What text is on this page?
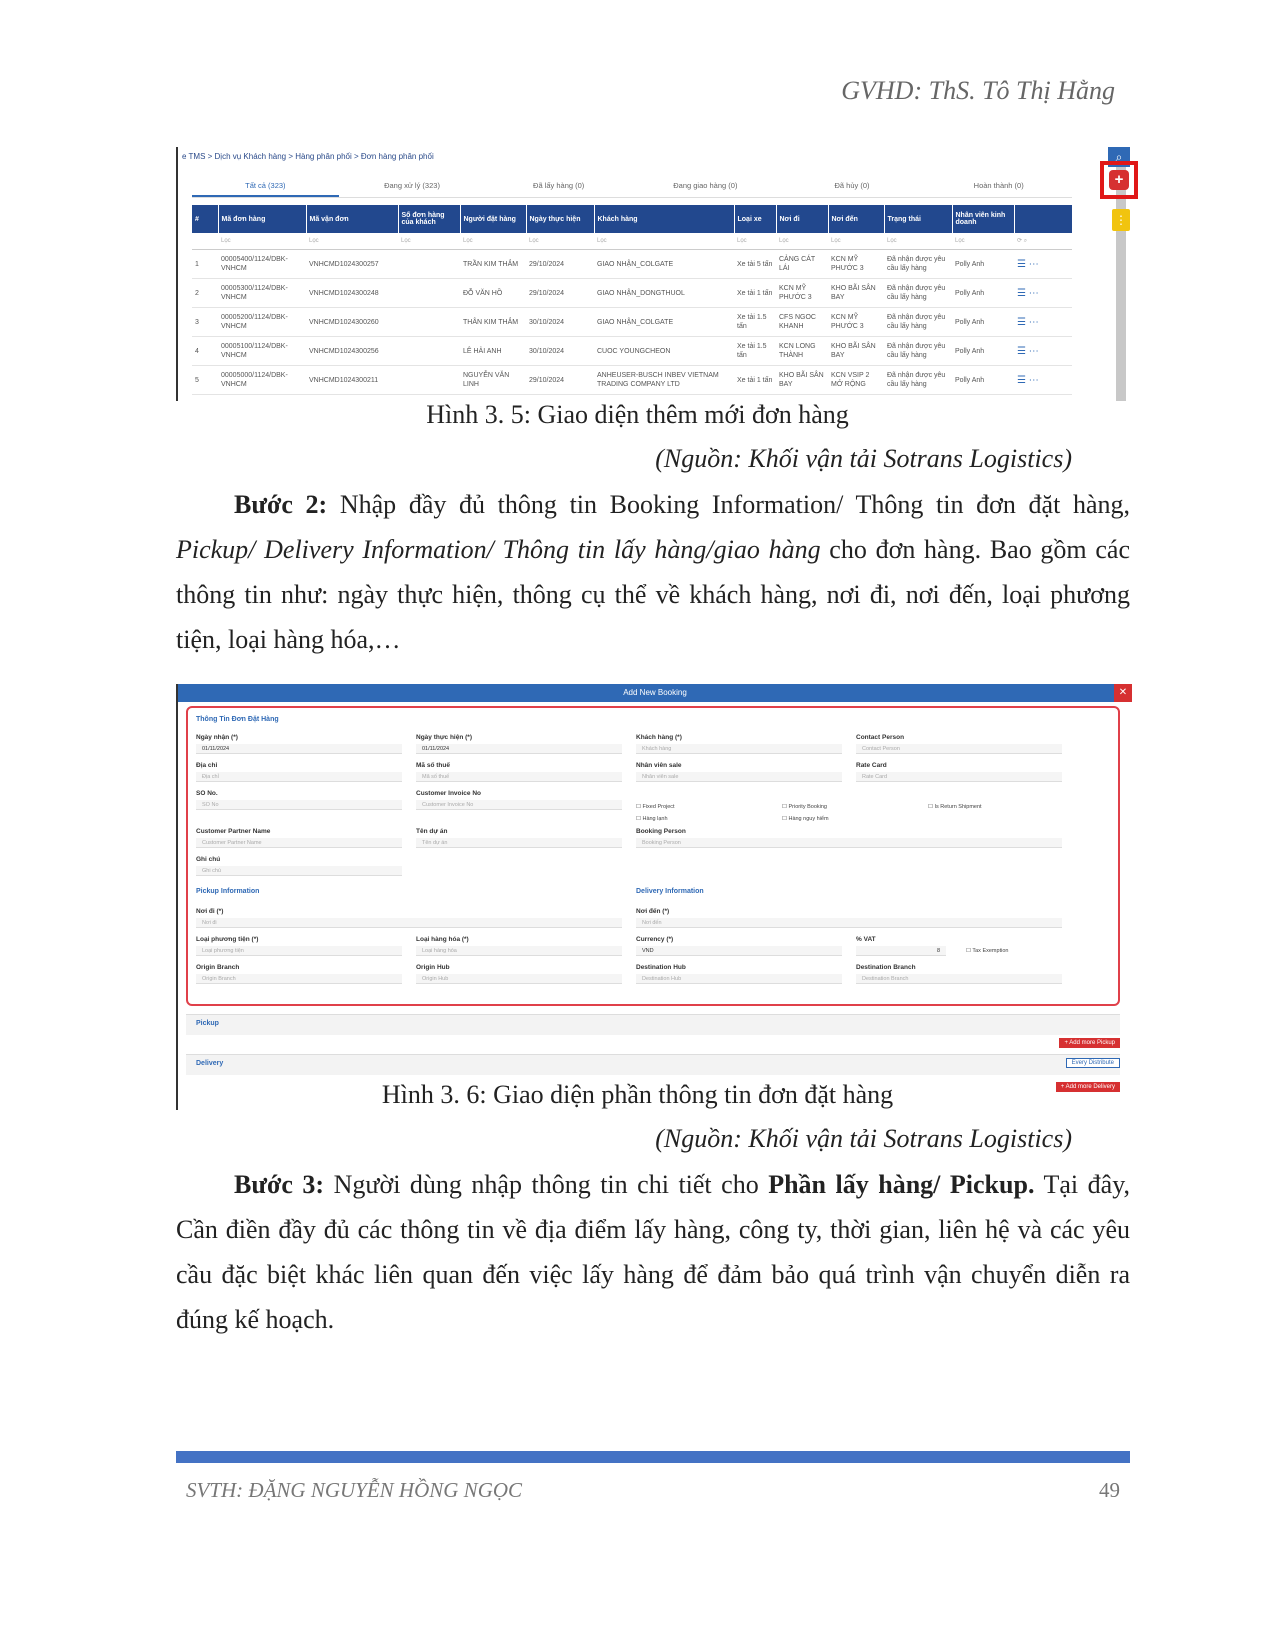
GVHD: ThS. Tô Thị Hằng
e TMS > Dịch vụ Khách hàng > Hàng phân phối > Đơn hàng phân phối	⌕
+
⋮
Tất cả (323)	Đang xử lý (323)	Đã lấy hàng (0)	Đang giao hàng (0)	Đã hủy (0)	Hoàn thành (0)
#	Mã đơn hàng	Mã vận đơn	Số đơn hàng của khách	Người đặt hàng	Ngày thực hiện	Khách hàng	Loại xe	Nơi đi	Nơi đến	Trạng thái	Nhân viên kinh doanh	
	Lọc	Lọc	Lọc	Lọc	Lọc	Lọc	Lọc	Lọc	Lọc	Lọc	Lọc	⟳ ⌕
1	00005400/1124/DBK-VNHCM	VNHCMD1024300257		TRẦN KIM THẮM	29/10/2024	GIAO NHẬN_COLGATE	Xe tải 5 tấn	CẢNG CÁT LÁI	KCN MỸ PHƯỚC 3	Đã nhận được yêu cầu lấy hàng	Polly Anh	☰ ⋯
2	00005300/1124/DBK-VNHCM	VNHCMD1024300248		ĐỖ VĂN HỒ	29/10/2024	GIAO NHẬN_DONGTHUOL	Xe tải 1 tấn	KCN MỸ PHƯỚC 3	KHO BÃI SÂN BAY	Đã nhận được yêu cầu lấy hàng	Polly Anh	☰ ⋯
3	00005200/1124/DBK-VNHCM	VNHCMD1024300260		THÂN KIM THẮM	30/10/2024	GIAO NHẬN_COLGATE	Xe tải 1.5 tấn	CFS NGOC KHANH	KCN MỸ PHƯỚC 3	Đã nhận được yêu cầu lấy hàng	Polly Anh	☰ ⋯
4	00005100/1124/DBK-VNHCM	VNHCMD1024300256		LÊ HẢI ANH	30/10/2024	CUOC YOUNGCHEON	Xe tải 1.5 tấn	KCN LONG THÀNH	KHO BÃI SÂN BAY	Đã nhận được yêu cầu lấy hàng	Polly Anh	☰ ⋯
5	00005000/1124/DBK-VNHCM	VNHCMD1024300211		NGUYỄN VĂN LINH	29/10/2024	ANHEUSER-BUSCH INBEV VIETNAM TRADING COMPANY LTD	Xe tải 1 tấn	KHO BÃI SÂN BAY	KCN VSIP 2 MỞ RỘNG	Đã nhận được yêu cầu lấy hàng	Polly Anh	☰ ⋯
Hình 3. 5: Giao diện thêm mới đơn hàng
(Nguồn: Khối vận tải Sotrans Logistics)

Bước 2: Nhập đầy đủ thông tin Booking Information/ Thông tin đơn đặt hàng, Pickup/ Delivery Information/ Thông tin lấy hàng/giao hàng cho đơn hàng. Bao gồm các thông tin như: ngày thực hiện, thông cụ thể về khách hàng, nơi đi, nơi đến, loại phương tiện, loại hàng hóa,…

Add New Booking	✕
Thông Tin Đơn Đặt Hàng
Ngày nhận (*)
01/11/2024
Ngày thực hiện (*)
01/11/2024
Khách hàng (*)
Khách hàng
Contact Person
Contact Person
Địa chỉ
Địa chỉ
Mã số thuế
Mã số thuế
Nhân viên sale
Nhân viên sale
Rate Card
Rate Card
SO No.
SO No
Customer Invoice No
Customer Invoice No	☐ Fixed Project	☐ Priority Booking	☐ Is Return Shipment
☐ Hàng lạnh	☐ Hàng nguy hiểm
Customer Partner Name
Customer Partner Name
Tên dự án
Tên dự án
Booking Person
Booking Person
Ghi chú
Ghi chú
Pickup Information	Delivery Information
Nơi đi (*)
Nơi đi
Nơi đến (*)
Nơi đến
Loại phương tiện (*)
Loại phương tiện
Loại hàng hóa (*)
Loại hàng hóa
Currency (*)
VND
% VAT
8	☐ Tax Exemption
Origin Branch
Origin Branch
Origin Hub
Origin Hub
Destination Hub
Destination Hub
Destination Branch
Destination Branch
Pickup
+ Add more Pickup
Delivery	Every Distribute
+ Add more Delivery
Hình 3. 6: Giao diện phần thông tin đơn đặt hàng
(Nguồn: Khối vận tải Sotrans Logistics)

Bước 3: Người dùng nhập thông tin chi tiết cho Phần lấy hàng/ Pickup. Tại đây, Cần điền đầy đủ các thông tin về địa điểm lấy hàng, công ty, thời gian, liên hệ và các yêu cầu đặc biệt khác liên quan đến việc lấy hàng để đảm bảo quá trình vận chuyển diễn ra đúng kế hoạch.

SVTH: ĐẶNG NGUYỄN HỒNG NGỌC	49
